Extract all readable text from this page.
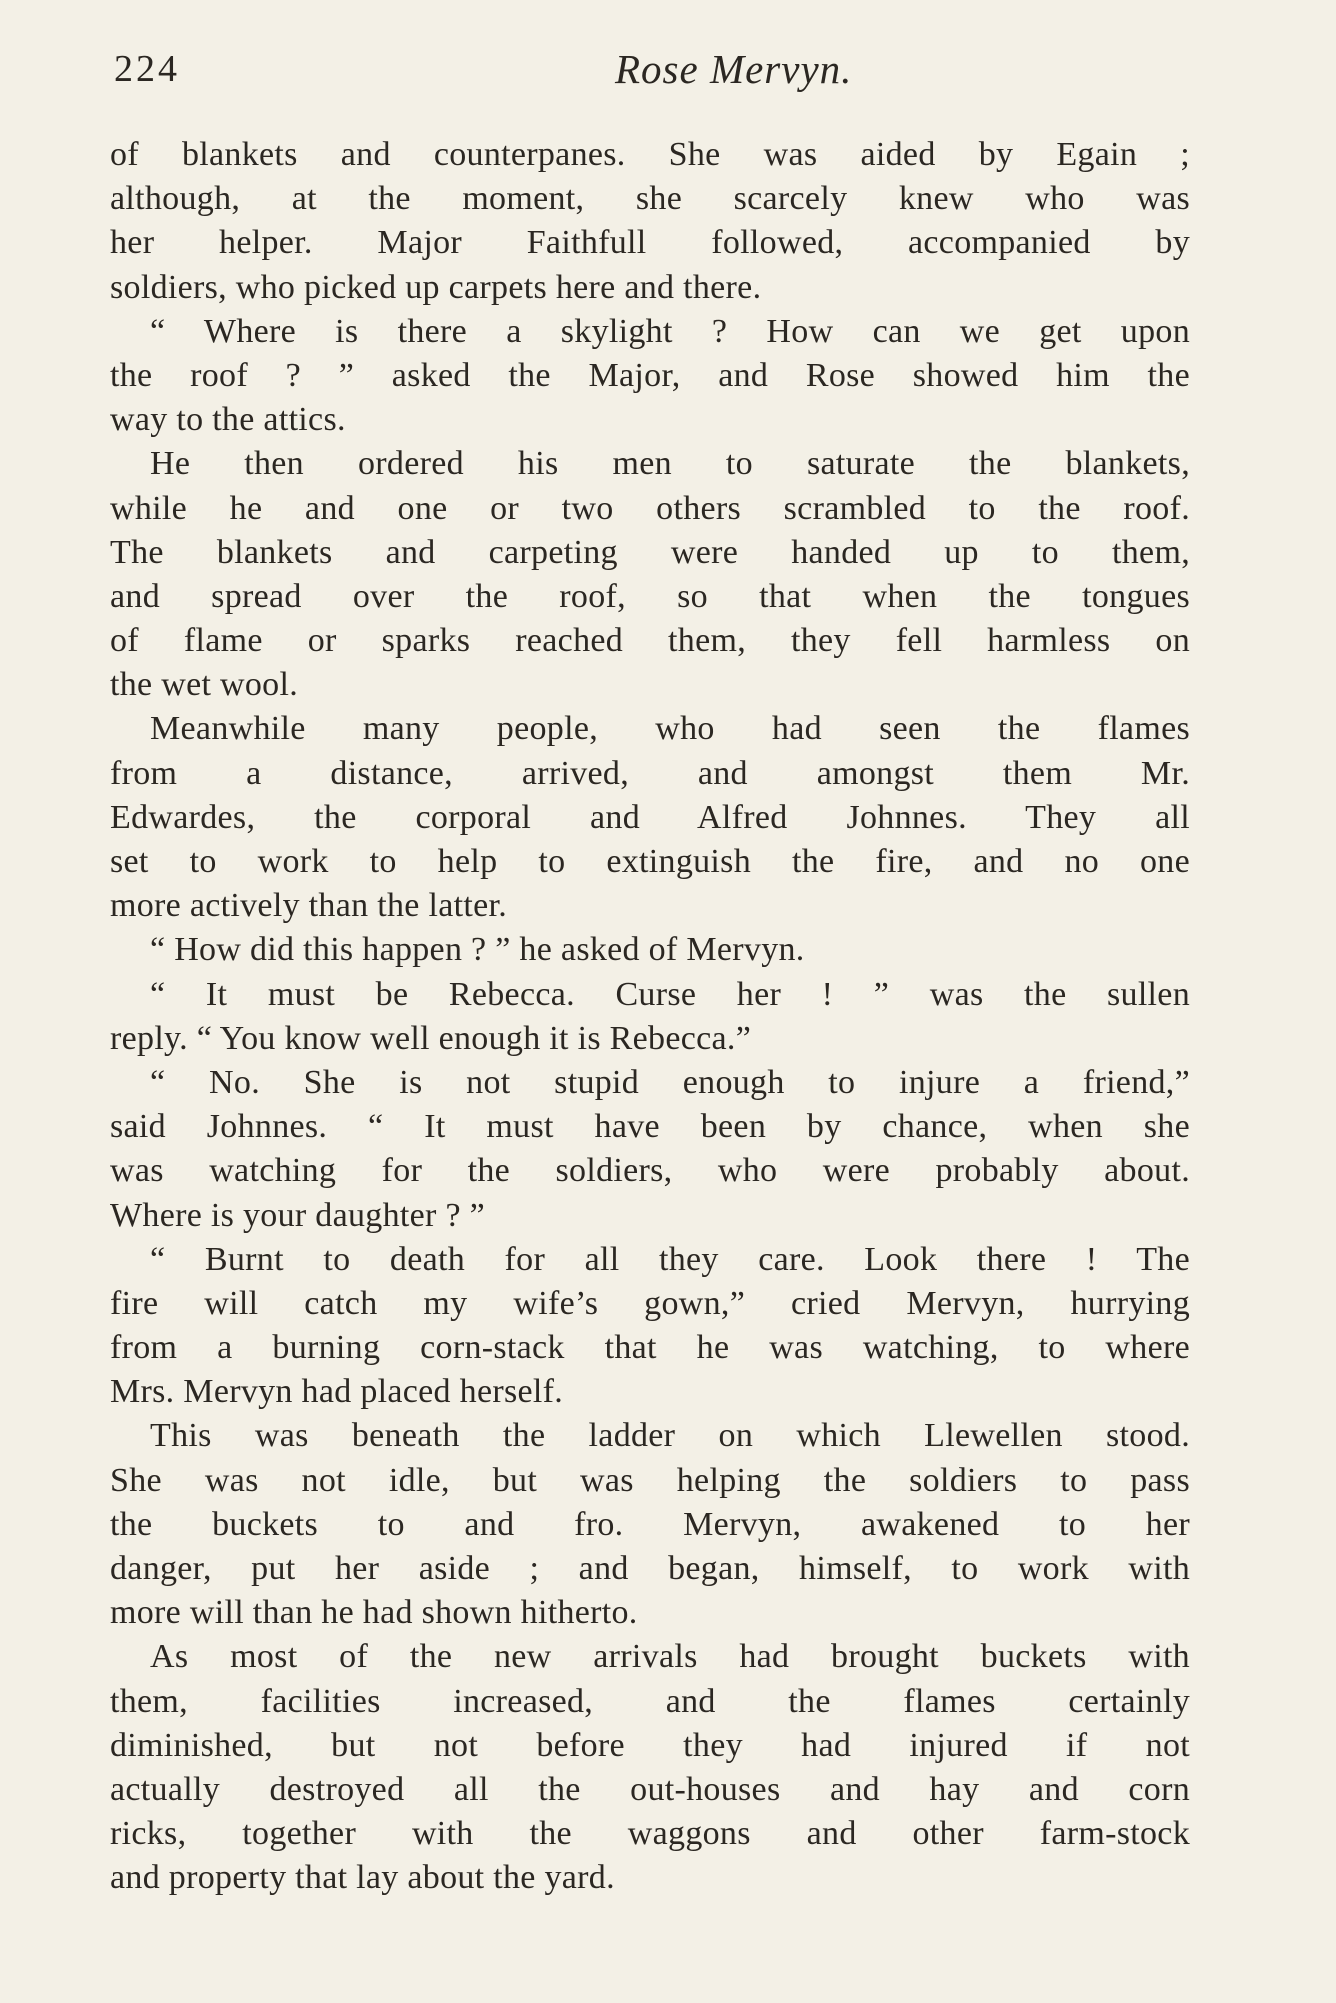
224	Rose Mervyn.
of blankets and counterpanes. She was aided by Egain ;
although, at the moment, she scarcely knew who was
her helper. Major Faithfull followed, accompanied by
soldiers, who picked up carpets here and there.
“ Where is there a skylight ? How can we get upon
the roof ? ” asked the Major, and Rose showed him the
way to the attics.
He then ordered his men to saturate the blankets,
while he and one or two others scrambled to the roof.
The blankets and carpeting were handed up to them,
and spread over the roof, so that when the tongues
of flame or sparks reached them, they fell harmless on
the wet wool.
Meanwhile many people, who had seen the flames
from a distance, arrived, and amongst them Mr.
Edwardes, the corporal and Alfred Johnnes. They all
set to work to help to extinguish the fire, and no one
more actively than the latter.
“ How did this happen ? ” he asked of Mervyn.
“ It must be Rebecca. Curse her ! ” was the sullen
reply. “ You know well enough it is Rebecca.”
“ No. She is not stupid enough to injure a friend,”
said Johnnes. “ It must have been by chance, when she
was watching for the soldiers, who were probably about.
Where is your daughter ? ”
“ Burnt to death for all they care. Look there ! The
fire will catch my wife’s gown,” cried Mervyn, hurrying
from a burning corn-stack that he was watching, to where
Mrs. Mervyn had placed herself.
This was beneath the ladder on which Llewellen stood.
She was not idle, but was helping the soldiers to pass
the buckets to and fro. Mervyn, awakened to her
danger, put her aside ; and began, himself, to work with
more will than he had shown hitherto.
As most of the new arrivals had brought buckets with
them, facilities increased, and the flames certainly
diminished, but not before they had injured if not
actually destroyed all the out-houses and hay and corn
ricks, together with the waggons and other farm-stock
and property that lay about the yard.
